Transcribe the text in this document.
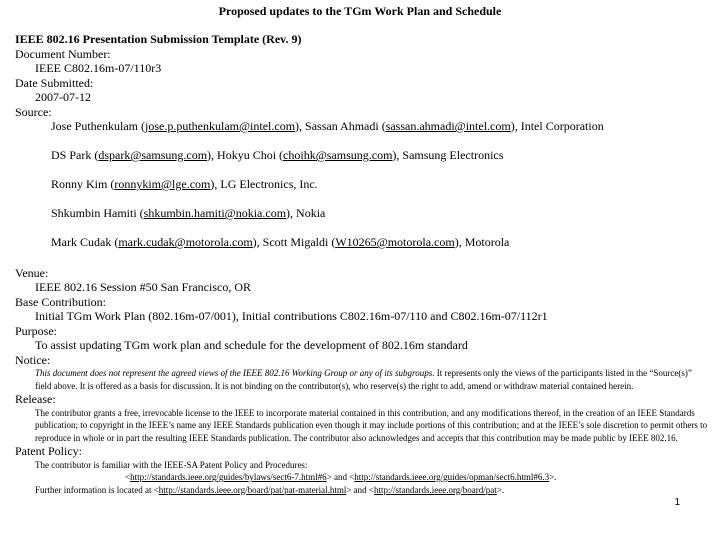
Proposed updates to the TGm Work Plan and Schedule
IEEE 802.16 Presentation Submission Template (Rev. 9)
Document Number:
IEEE C802.16m-07/110r3
Date Submitted:
2007-07-12
Source:
Jose Puthenkulam (jose.p.puthenkulam@intel.com), Sassan Ahmadi (sassan.ahmadi@intel.com), Intel Corporation
DS Park (dspark@samsung.com), Hokyu Choi (choihk@samsung.com), Samsung Electronics
Ronny Kim (ronnykim@lge.com), LG Electronics, Inc.
Shkumbin Hamiti (shkumbin.hamiti@nokia.com), Nokia
Mark Cudak (mark.cudak@motorola.com), Scott Migaldi (W10265@motorola.com), Motorola
Venue:
IEEE 802.16 Session #50 San Francisco, OR
Base Contribution:
Initial TGm Work Plan (802.16m-07/001), Initial contributions C802.16m-07/110 and C802.16m-07/112r1
Purpose:
To assist updating TGm work plan and schedule for the development of 802.16m standard
Notice:
This document does not represent the agreed views of the IEEE 802.16 Working Group or any of its subgroups. It represents only the views of the participants listed in the “Source(s)” field above. It is offered as a basis for discussion. It is not binding on the contributor(s), who reserve(s) the right to add, amend or withdraw material contained herein.
Release:
The contributor grants a free, irrevocable license to the IEEE to incorporate material contained in this contribution, and any modifications thereof, in the creation of an IEEE Standards publication; to copyright in the IEEE’s name any IEEE Standards publication even though it may include portions of this contribution; and at the IEEE’s sole discretion to permit others to reproduce in whole or in part the resulting IEEE Standards publication. The contributor also acknowledges and accepts that this contribution may be made public by IEEE 802.16.
Patent Policy:
The contributor is familiar with the IEEE-SA Patent Policy and Procedures:
<http://standards.ieee.org/guides/bylaws/sect6-7.html#6> and <http://standards.ieee.org/guides/opman/sect6.html#6.3>.
Further information is located at <http://standards.ieee.org/board/pat/pat-material.html> and <http://standards.ieee.org/board/pat>.
1
